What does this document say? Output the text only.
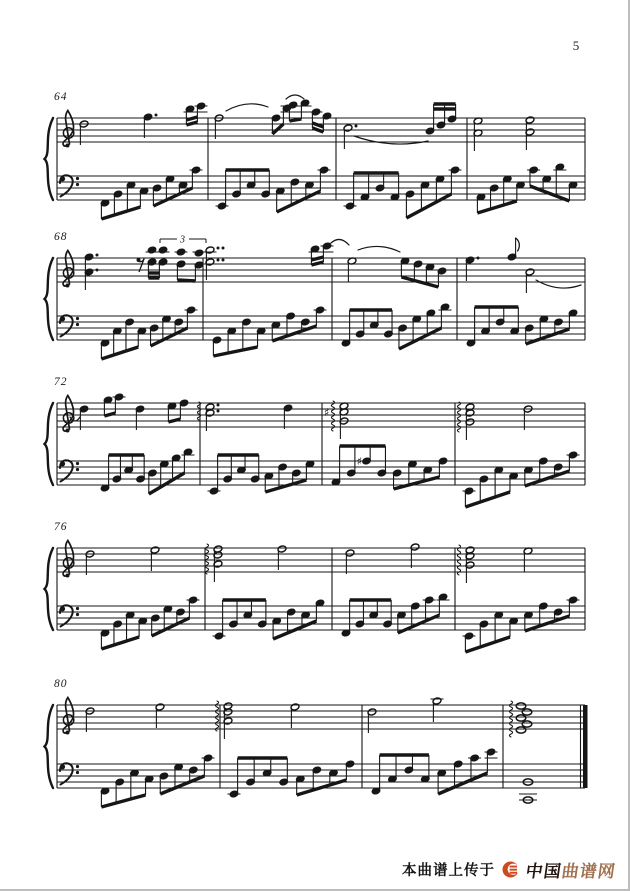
5
3
♯
♯
64
68
72
76
80
本曲谱上传于 中国
曲谱网
